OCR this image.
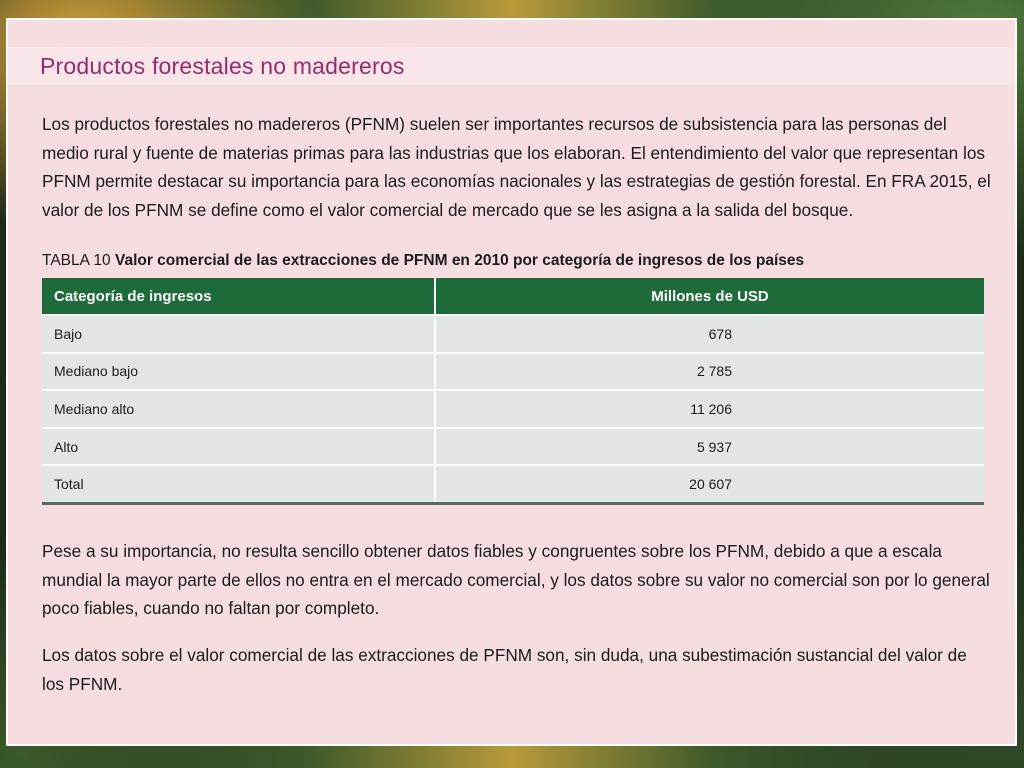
Productos forestales no madereros
Los productos forestales no madereros (PFNM) suelen ser importantes recursos de subsistencia para las personas del medio rural y fuente de materias primas para las industrias que los elaboran. El entendimiento del valor que representan los PFNM permite destacar su importancia para las economías nacionales y las estrategias de gestión forestal. En FRA 2015, el valor de los PFNM se define como el valor comercial de mercado que se les asigna a la salida del bosque.
TABLA 10 Valor comercial de las extracciones de PFNM en 2010 por categoría de ingresos de los países
Categoría de ingresos	Millones de USD
Bajo	678
Mediano bajo	2 785
Mediano alto	11 206
Alto	5 937
Total	20 607
Pese a su importancia, no resulta sencillo obtener datos fiables y congruentes sobre los PFNM, debido a que a escala mundial la mayor parte de ellos no entra en el mercado comercial, y los datos sobre su valor no comercial son por lo general poco fiables, cuando no faltan por completo.
Los datos sobre el valor comercial de las extracciones de PFNM son, sin duda, una subestimación sustancial del valor de los PFNM.
